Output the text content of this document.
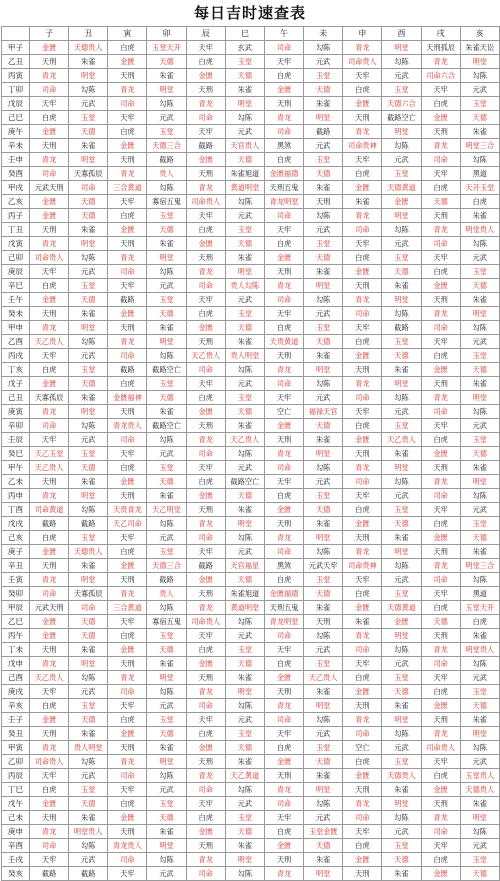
每日吉时速查表
	子	丑	寅	卯	辰	巳	午	未	申	酉	戌	亥
甲子	金匮	天德贵人	白虎	玉堂天开	天牢	玄武	司命	勾陈	青龙	明堂	天刑孤辰	朱雀天讼
乙丑	天刑	朱雀	金匮	天德	白虎	玉堂	天牢	元武	司命贵人	勾陈	青龙	明堂
丙寅	青龙	明堂	天刑	朱雀	金匮	天德	白虎	玉堂	天牢	元武	司命六合	勾陈
丁卯	司命	勾陈	青龙	明堂	天刑	朱雀	金匮	天德	白虎	玉堂	天牢	元武
戊辰	天牢	元武	司命	勾陈	青龙	明堂	天刑	朱雀	金匮	天德六合	白虎	玉堂
己巳	白虎	玉堂	天牢	元武	司命	勾陈	青龙	明堂	天刑	截路空亡	金匮	天德
庚午	金匮	天德	白虎	玉堂	天牢	元武	司命	截路	青龙	明堂	天刑	朱雀
辛未	天刑	朱雀	金匮	天德三合	截路	天官贵人	黑煞	元武	司命贵神	勾陈	青龙	明堂三合
壬申	青龙	明堂	天刑	截路	金匮	天德	白虎	玉堂	天牢	元武	司命	勾陈
癸酉	司命	天寡孤辰	青龙	贵人	天刑	朱雀旭道	金匮福德	天德	白虎	玉堂	天牢	黑道
甲戌	元武天刑	司命	三合黄道	勾陈	青龙	黄道明堂	天刑五鬼	朱雀	金匮	天德黄道	白虎	天开玉堂
乙亥	金匮	天德	天牢	寡宿五鬼	司命贵人	勾陈	青龙明堂	天刑	朱雀	金匮	天德	白虎
丙子	金匮	天德	白虎	玉堂	天牢	元武	司命	勾陈	青龙	明堂	天刑	朱雀
丁丑	天刑	朱雀	金匮	天德	白虎	玉堂	天牢	元武	司命	勾陈	青龙	明堂贵人
戊寅	青龙	明堂	天刑	朱雀	金匮	天德	白虎	玉堂	天牢	元武	司命	勾陈
己卯	司命贵人	勾陈	青龙	明堂	天刑	朱雀	金匮	天德	白虎	玉堂	天牢	元武
庚辰	天牢	元武	司命	勾陈	青龙	明堂	天刑	朱雀	金匮	天德	白虎	玉堂
辛巳	白虎	玉堂	天牢	元武	司命	贵人勾陈	青龙	明堂	天刑	朱雀	金匮	天德
壬午	金匮	天德	截路	玉堂	天牢	元武	司命	勾陈	青龙	明堂	天刑	朱雀
癸未	天刑	朱雀	金匮	天德	白虎	玉堂	天牢	元武	司命	勾陈	青龙	明堂
甲申	青龙	明堂	天刑	朱雀	金匮	天德	白虎	玉堂	天牢	截路	司命	勾陈
乙酉	天乙贵人	勾陈	青龙	明堂	天刑	朱雀	天贵黄道	天德	白虎	玉堂	天牢	元武
丙戌	天牢	元武	司命	勾陈	天乙贵人	贵人明堂	天刑	朱雀	金匮	天德	白虎	玉堂
丁亥	白虎	玉堂	截路	截路空亡	司命	勾陈	青龙	明堂	天刑	朱雀	金匮	天德
戊子	金匮	天德	白虎	玉堂	天牢	元武	司命	勾陈	青龙	明堂	天刑	朱雀
己丑	天寡孤辰	朱雀	金匮福神	天德	白虎	玉堂	天牢	元武	司命	勾陈	青龙	明堂
庚寅	青龙	明堂	天刑	朱雀	金匮	天德	空亡	福禄天官	天牢	元武	司命	勾陈
辛卯	司命	勾陈	青龙贵人	截路空亡	天刑	朱雀	金匮	天德	白虎	玉堂	天牢	元武
壬辰	天牢	元武	司命	勾陈	青龙	天乙贵人	天刑	朱雀	金匮	天乙贵人	白虎	玉堂
癸巳	天乙玉堂	玉堂	天牢	元武	司命	勾陈	青龙	明堂	天刑	朱雀	金匮	天德
甲午	天乙贵人	天德	白虎	玉堂	天牢	元武	司命	勾陈	青龙	明堂	天刑	朱雀
乙未	天刑	朱雀	金匮	天德	白虎	截路空亡	天牢	元武	司命	勾陈	青龙	明堂
丙申	青龙	明堂	天刑	朱雀	金匮	天德	白虎	玉堂	天牢	元武	司命	勾陈
丁酉	司命黄道	勾陈	天贵青龙	天乙明堂	天刑	朱雀	金匮	天德	白虎	玉堂	天牢	元武
戊戌	截路	截路	天乙司命	勾陈	青龙	明堂	天刑	朱雀	金匮	天德	白虎	玉堂
己亥	白虎	玉堂	天牢	元武	司命	勾陈	青龙	明堂	天刑	朱雀	金匮	天德
庚子	金匮	天德贵人	白虎	玉堂	天牢	元武	司命	勾陈	青龙	明堂	天刑	朱雀
辛丑	天刑	朱雀	金匮	天德三合	截路	天官福星	黑煞	元武天牢	司命贵神	勾陈	青龙	明堂三合
壬寅	青龙	明堂	天刑	截路	金匮	天德	白虎	玉堂	天牢	元武	司命	勾陈
癸卯	司命	天寡孤辰	青龙	贵人	天刑	朱雀旭道	金匮福德	天德	白虎	玉堂	天牢	黑道
甲辰	元武天刑	司命	三合黄道	勾陈	青龙	黄道明堂	天刑五鬼	朱雀	金匮	天德黄道	白虎	玉堂天开
乙巳	金匮	天德	天牢	寡宿五鬼	司命贵人	勾陈	青龙明堂	天刑	朱雀	金匮	天德	白虎
丙午	金匮	天德	白虎	玉堂	天牢	元武	司命	勾陈	青龙	明堂	天刑	朱雀
丁未	天刑	朱雀	金匮	天德	白虎	玉堂	天牢	元武	司命	勾陈	青龙	明堂贵人
戊申	青龙	明堂	天刑	朱雀	金匮	天德	白虎	玉堂	天牢	元武	司命	勾陈
己酉	天乙贵人	勾陈	青龙	明堂	天刑	朱雀	金匮	天乙贵人	白虎	玉堂	天牢	元武
庚戌	天牢	元武	司命	勾陈	青龙	明堂	天刑	朱雀	金匮	天德	白虎	玉堂
辛亥	白虎	玉堂	天牢	元武	司命	勾陈	青龙	明堂	天刑	朱雀	金匮	天德
壬子	金匮	天德	白虎	玉堂	天牢	元武	司命	勾陈	青龙	明堂	天刑	朱雀
癸丑	天刑	朱雀	金匮	天德	白虎	玉堂	天牢	元武	司命	勾陈	青龙	明堂
甲寅	青龙	贵人明堂	天刑	朱雀	金匮	天德	白虎	玉堂	空亡	元武	司命贵人	勾陈
乙卯	司命贵人	勾陈	青龙	明堂	天刑	朱雀	金匮	天德	白虎	玉堂	天牢	元武
丙辰	天牢	元武	司命	勾陈	青龙	天乙黄道	天刑	朱雀	金匮	天德贵人	白虎	玉堂贵人
丁巳	白虎	玉堂	天牢	元武	司命	勾陈	青龙	明堂	天刑	朱雀	金匮	天德贵人
戊午	金匮	天德	白虎	玉堂	天牢	元武	司命	勾陈	青龙	明堂	天刑	朱雀
己未	天刑	朱雀	金匮	天德	白虎	玉堂	天牢	元武	司命	勾陈	青龙	明堂
庚申	青龙	明堂贵人	天刑	朱雀	金匮	天德	白虎	玉堂金匮	天牢	元武	司命	勾陈
辛酉	司命	勾陈	青龙贵人	明堂	天刑	朱雀	金匮	天德	白虎	玉堂	天牢	元武
壬戌	天牢	元武	司命	勾陈	青龙	明堂	天刑	朱雀	金匮	天德	白虎	玉堂
癸亥	截路	截路	天牢	元武	司命	勾陈	青龙	明堂	天刑	朱雀	金匮	天德
